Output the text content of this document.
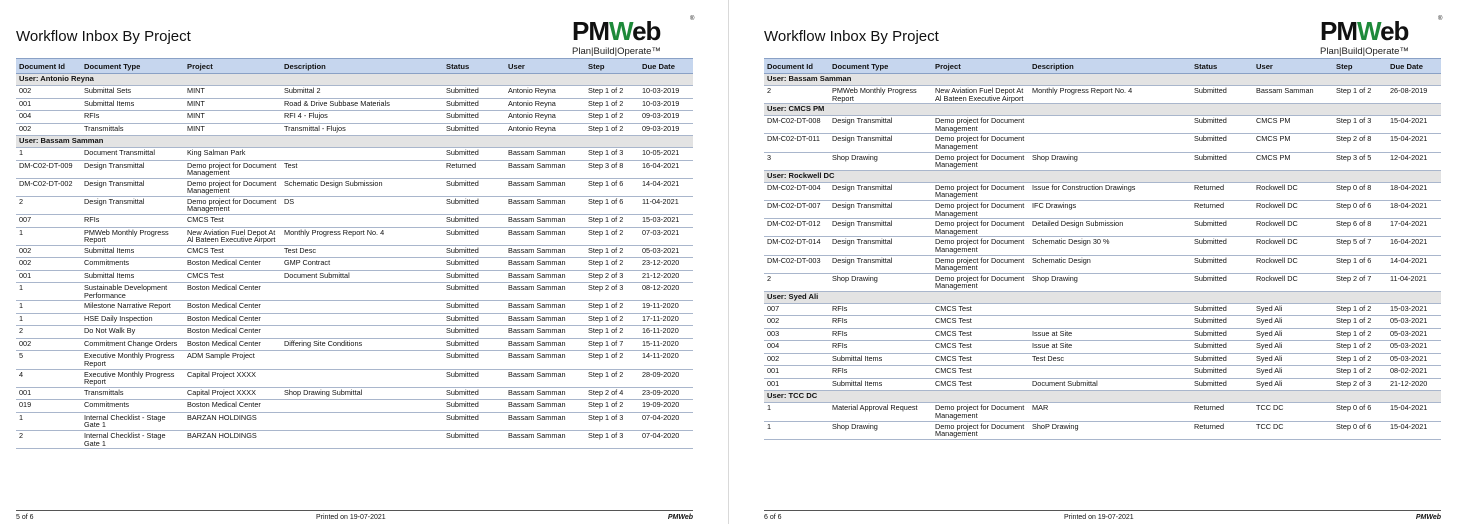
Workflow Inbox By Project	PMWeb	®
Plan|Build|Operate™
Document Id	Document Type	Project	Description	Status	User	Step	Due Date
User: Antonio Reyna							
002	Submittal Sets	MINT	Submittal 2	Submitted	Antonio Reyna	Step 1 of 2	10-03-2019
001	Submittal Items	MINT	Road & Drive Subbase Materials	Submitted	Antonio Reyna	Step 1 of 2	10-03-2019
004	RFIs	MINT	RFI 4 - Flujos	Submitted	Antonio Reyna	Step 1 of 2	09-03-2019
002	Transmittals	MINT	Transmittal - Flujos	Submitted	Antonio Reyna	Step 1 of 2	09-03-2019
User: Bassam Samman							
1	Document Transmittal	King Salman Park		Submitted	Bassam Samman	Step 1 of 3	10-05-2021
DM-C02-DT-009	Design Transmittal	Demo project for Document Management	Test	Returned	Bassam Samman	Step 3 of 8	16-04-2021
DM-C02-DT-002	Design Transmittal	Demo project for Document Management	Schematic Design Submission	Submitted	Bassam Samman	Step 1 of 6	14-04-2021
2	Design Transmittal	Demo project for Document Management	DS	Submitted	Bassam Samman	Step 1 of 6	11-04-2021
007	RFIs	CMCS Test		Submitted	Bassam Samman	Step 1 of 2	15-03-2021
1	PMWeb Monthly Progress Report	New Aviation Fuel Depot At Al Bateen Executive Airport	Monthly Progress Report No. 4	Submitted	Bassam Samman	Step 1 of 2	07-03-2021
002	Submittal Items	CMCS Test	Test Desc	Submitted	Bassam Samman	Step 1 of 2	05-03-2021
002	Commitments	Boston Medical Center	GMP Contract	Submitted	Bassam Samman	Step 1 of 2	23-12-2020
001	Submittal Items	CMCS Test	Document Submittal	Submitted	Bassam Samman	Step 2 of 3	21-12-2020
1	Sustainable Development Performance	Boston Medical Center		Submitted	Bassam Samman	Step 2 of 3	08-12-2020
1	Milestone Narrative Report	Boston Medical Center		Submitted	Bassam Samman	Step 1 of 2	19-11-2020
1	HSE Daily Inspection	Boston Medical Center		Submitted	Bassam Samman	Step 1 of 2	17-11-2020
2	Do Not Walk By	Boston Medical Center		Submitted	Bassam Samman	Step 1 of 2	16-11-2020
002	Commitment Change Orders	Boston Medical Center	Differing Site Conditions	Submitted	Bassam Samman	Step 1 of 7	15-11-2020
5	Executive Monthly Progress Report	ADM Sample Project		Submitted	Bassam Samman	Step 1 of 2	14-11-2020
4	Executive Monthly Progress Report	Capital Project XXXX		Submitted	Bassam Samman	Step 1 of 2	28-09-2020
001	Transmittals	Capital Project XXXX	Shop Drawing Submittal	Submitted	Bassam Samman	Step 2 of 4	23-09-2020
019	Commitments	Boston Medical Center		Submitted	Bassam Samman	Step 1 of 2	19-09-2020
1	Internal Checklist - Stage Gate 1	BARZAN HOLDINGS		Submitted	Bassam Samman	Step 1 of 3	07-04-2020
2	Internal Checklist - Stage Gate 1	BARZAN HOLDINGS		Submitted	Bassam Samman	Step 1 of 3	07-04-2020
5 of 6	Printed on 19-07-2021	PMWeb
Workflow Inbox By Project	PMWeb	®
Plan|Build|Operate™
Document Id	Document Type	Project	Description	Status	User	Step	Due Date
User: Bassam Samman							
2	PMWeb Monthly Progress Report	New Aviation Fuel Depot At Al Bateen Executive Airport	Monthly Progress Report No. 4	Submitted	Bassam Samman	Step 1 of 2	26-08-2019
User: CMCS PM							
DM-C02-DT-008	Design Transmittal	Demo project for Document Management		Submitted	CMCS PM	Step 1 of 3	15-04-2021
DM-C02-DT-011	Design Transmittal	Demo project for Document Management		Submitted	CMCS PM	Step 2 of 8	15-04-2021
3	Shop Drawing	Demo project for Document Management	Shop Drawing	Submitted	CMCS PM	Step 3 of 5	12-04-2021
User: Rockwell DC							
DM-C02-DT-004	Design Transmittal	Demo project for Document Management	Issue for Construction Drawings	Returned	Rockwell DC	Step 0 of 8	18-04-2021
DM-C02-DT-007	Design Transmittal	Demo project for Document Management	IFC Drawings	Returned	Rockwell DC	Step 0 of 6	18-04-2021
DM-C02-DT-012	Design Transmittal	Demo project for Document Management	Detailed Design Submission	Submitted	Rockwell DC	Step 6 of 8	17-04-2021
DM-C02-DT-014	Design Transmittal	Demo project for Document Management	Schematic Design 30 %	Submitted	Rockwell DC	Step 5 of 7	16-04-2021
DM-C02-DT-003	Design Transmittal	Demo project for Document Management	Schematic Design	Submitted	Rockwell DC	Step 1 of 6	14-04-2021
2	Shop Drawing	Demo project for Document Management	Shop Drawing	Submitted	Rockwell DC	Step 2 of 7	11-04-2021
User: Syed Ali							
007	RFIs	CMCS Test		Submitted	Syed Ali	Step 1 of 2	15-03-2021
002	RFIs	CMCS Test		Submitted	Syed Ali	Step 1 of 2	05-03-2021
003	RFIs	CMCS Test	Issue at Site	Submitted	Syed Ali	Step 1 of 2	05-03-2021
004	RFIs	CMCS Test	Issue at Site	Submitted	Syed Ali	Step 1 of 2	05-03-2021
002	Submittal Items	CMCS Test	Test Desc	Submitted	Syed Ali	Step 1 of 2	05-03-2021
001	RFIs	CMCS Test		Submitted	Syed Ali	Step 1 of 2	08-02-2021
001	Submittal Items	CMCS Test	Document Submittal	Submitted	Syed Ali	Step 2 of 3	21-12-2020
User: TCC DC							
1	Material Approval Request	Demo project for Document Management	MAR	Returned	TCC DC	Step 0 of 6	15-04-2021
1	Shop Drawing	Demo project for Document Management	ShoP Drawing	Returned	TCC DC	Step 0 of 6	15-04-2021
6 of 6	Printed on 19-07-2021	PMWeb
